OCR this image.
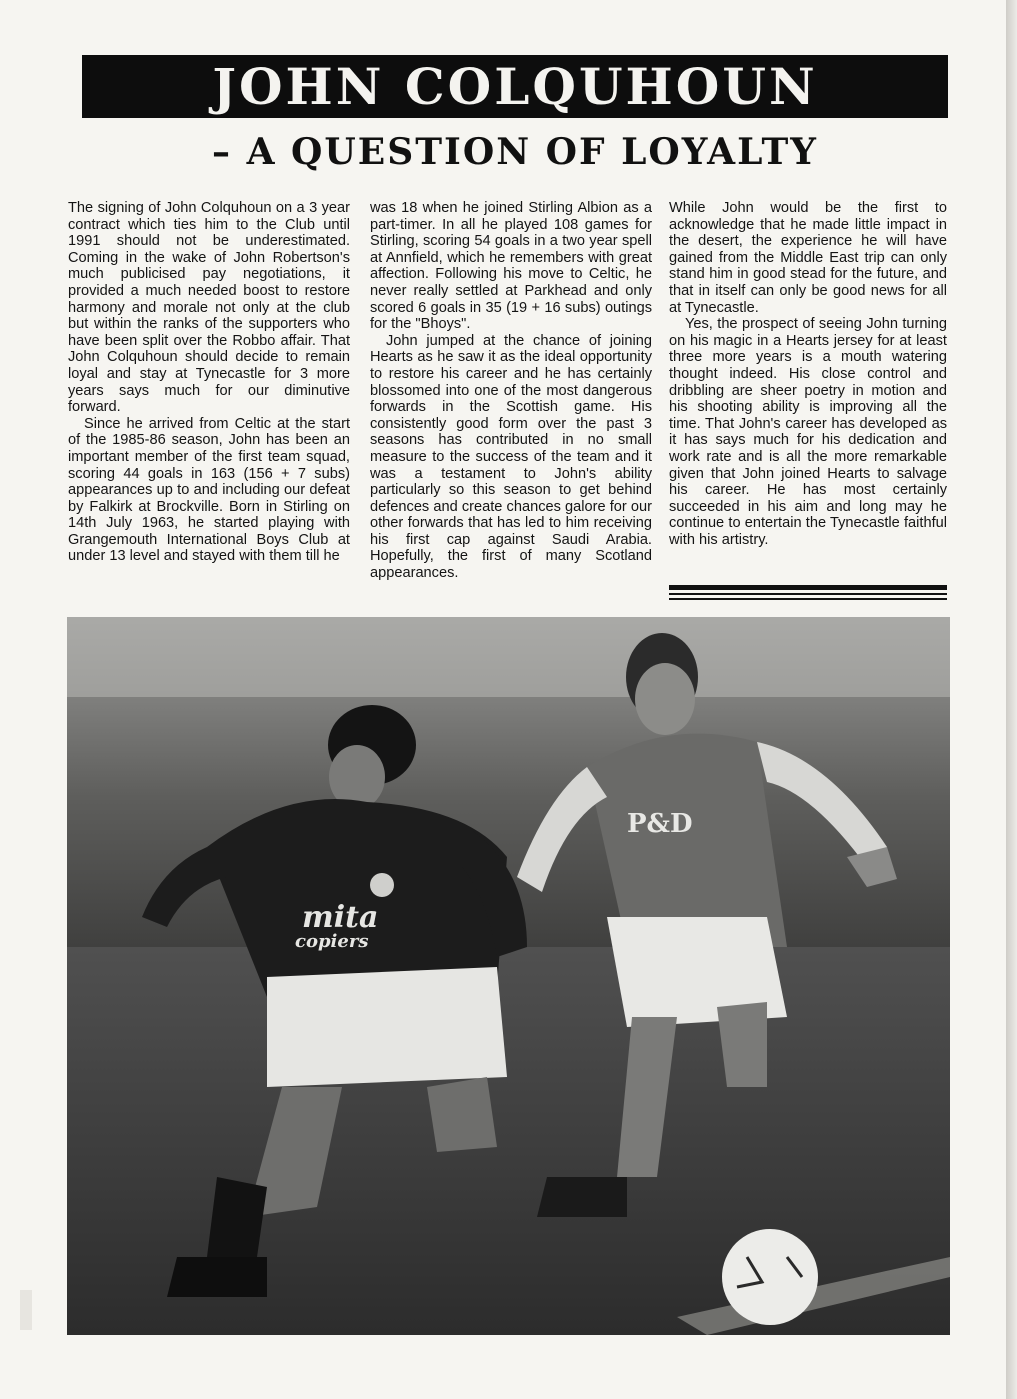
JOHN COLQUHOUN
– A QUESTION OF LOYALTY

The signing of John Colquhoun on a 3 year contract which ties him to the Club until 1991 should not be underestimated. Coming in the wake of John Robertson's much publicised pay negotiations, it provided a much needed boost to restore harmony and morale not only at the club but within the ranks of the supporters who have been split over the Robbo affair. That John Colquhoun should decide to remain loyal and stay at Tynecastle for 3 more years says much for our diminutive forward.

Since he arrived from Celtic at the start of the 1985-86 season, John has been an important member of the first team squad, scoring 44 goals in 163 (156 + 7 subs) appearances up to and including our defeat by Falkirk at Brockville. Born in Stirling on 14th July 1963, he started playing with Grangemouth International Boys Club at under 13 level and stayed with them till he

was 18 when he joined Stirling Albion as a part-timer. In all he played 108 games for Stirling, scoring 54 goals in a two year spell at Annfield, which he remembers with great affection. Following his move to Celtic, he never really settled at Parkhead and only scored 6 goals in 35 (19 + 16 subs) outings for the "Bhoys".

John jumped at the chance of joining Hearts as he saw it as the ideal opportunity to restore his career and he has certainly blossomed into one of the most dangerous forwards in the Scottish game. His consistently good form over the past 3 seasons has contributed in no small measure to the success of the team and it was a testament to John's ability particularly so this season to get behind defences and create chances galore for our other forwards that has led to him receiving his first cap against Saudi Arabia. Hopefully, the first of many Scotland appearances.

While John would be the first to acknowledge that he made little impact in the desert, the experience he will have gained from the Middle East trip can only stand him in good stead for the future, and that in itself can only be good news for all at Tynecastle.

Yes, the prospect of seeing John turning on his magic in a Hearts jersey for at least three more years is a mouth watering thought indeed. His close control and dribbling are sheer poetry in motion and his shooting ability is improving all the time. That John's career has developed as it has says much for his dedication and work rate and is all the more remarkable given that John joined Hearts to salvage his career. He has most certainly succeeded in his aim and long may he continue to entertain the Tynecastle faithful with his artistry.

P&D
mita
copiers
